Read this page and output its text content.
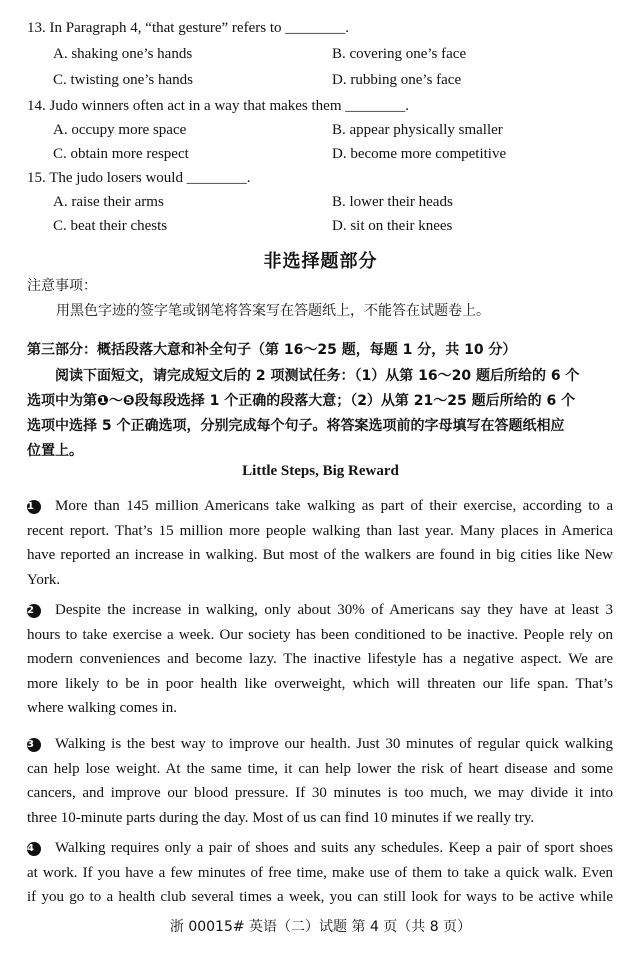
13. In Paragraph 4, “that gesture” refers to ________.
A. shaking one’s hands	B. covering one’s face
C. twisting one’s hands	D. rubbing one’s face
14. Judo winners often act in a way that makes them ________.
A. occupy more space	B. appear physically smaller
C. obtain more respect	D. become more competitive
15. The judo losers would ________.
A. raise their arms	B. lower their heads
C. beat their chests	D. sit on their knees
非选择题部分
注意事项：
用黑色字迹的签字笔或钢笔将答案写在答题纸上，不能答在试题卷上。
第三部分：概括段落大意和补全句子（第 16～25 题，每题 1 分，共 10 分）
阅读下面短文，请完成短文后的 2 项测试任务：（1）从第 16～20 题后所给的 6 个
选项中为第❶～❺段每段选择 1 个正确的段落大意；（2）从第 21～25 题后所给的 6 个
选项中选择 5 个正确选项，分别完成每个句子。将答案选项前的字母填写在答题纸相应
位置上。
Little Steps, Big Reward
1 More than 145 million Americans take walking as part of their exercise, according to a
recent report. That’s 15 million more people walking than last year. Many places in America
have reported an increase in walking. But most of the walkers are found in big cities like New
York.
2 Despite the increase in walking, only about 30% of Americans say they have at least 3
hours to take exercise a week. Our society has been conditioned to be inactive. People rely on
modern conveniences and become lazy. The inactive lifestyle has a negative aspect. We are
more likely to be in poor health like overweight, which will threaten our life span. That’s
where walking comes in.
3 Walking is the best way to improve our health. Just 30 minutes of regular quick walking
can help lose weight. At the same time, it can help lower the risk of heart disease and some
cancers, and improve our blood pressure. If 30 minutes is too much, we may divide it into
three 10-minute parts during the day. Most of us can find 10 minutes if we really try.
4 Walking requires only a pair of shoes and suits any schedules. Keep a pair of sport shoes
at work. If you have a few minutes of free time, make use of them to take a quick walk. Even
if you go to a health club several times a week, you can still look for ways to be active while
浙 00015# 英语（二）试题 第 4 页（共 8 页）
